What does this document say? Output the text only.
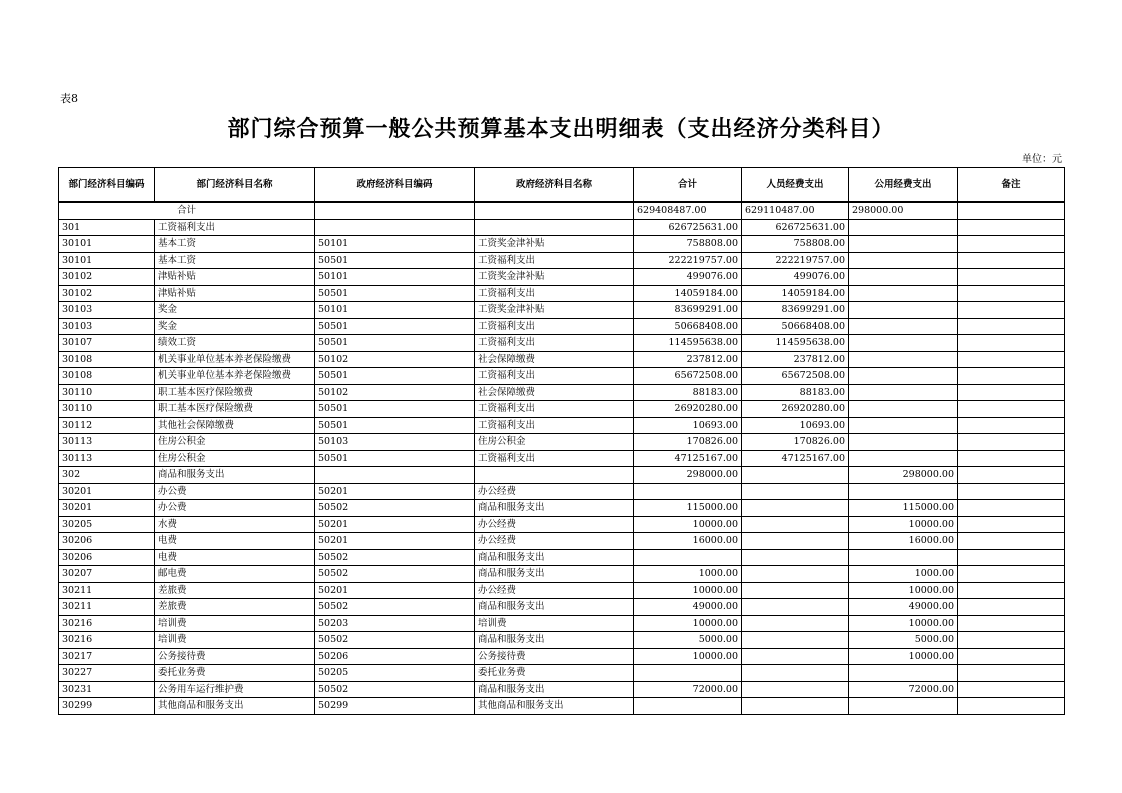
表8
部门综合预算一般公共预算基本支出明细表（支出经济分类科目）
单位：元
部门经济科目编码	部门经济科目名称	政府经济科目编码	政府经济科目名称	合计	人员经费支出	公用经费支出	备注
合计				629408487.00	629110487.00	298000.00	
301	工资福利支出			626725631.00	626725631.00		
30101	基本工资	50101	工资奖金津补贴	758808.00	758808.00		
30101	基本工资	50501	工资福利支出	222219757.00	222219757.00		
30102	津贴补贴	50101	工资奖金津补贴	499076.00	499076.00		
30102	津贴补贴	50501	工资福利支出	14059184.00	14059184.00		
30103	奖金	50101	工资奖金津补贴	83699291.00	83699291.00		
30103	奖金	50501	工资福利支出	50668408.00	50668408.00		
30107	绩效工资	50501	工资福利支出	114595638.00	114595638.00		
30108	机关事业单位基本养老保险缴费	50102	社会保障缴费	237812.00	237812.00		
30108	机关事业单位基本养老保险缴费	50501	工资福利支出	65672508.00	65672508.00		
30110	职工基本医疗保险缴费	50102	社会保障缴费	88183.00	88183.00		
30110	职工基本医疗保险缴费	50501	工资福利支出	26920280.00	26920280.00		
30112	其他社会保障缴费	50501	工资福利支出	10693.00	10693.00		
30113	住房公积金	50103	住房公积金	170826.00	170826.00		
30113	住房公积金	50501	工资福利支出	47125167.00	47125167.00		
302	商品和服务支出			298000.00		298000.00	
30201	办公费	50201	办公经费				
30201	办公费	50502	商品和服务支出	115000.00		115000.00	
30205	水费	50201	办公经费	10000.00		10000.00	
30206	电费	50201	办公经费	16000.00		16000.00	
30206	电费	50502	商品和服务支出				
30207	邮电费	50502	商品和服务支出	1000.00		1000.00	
30211	差旅费	50201	办公经费	10000.00		10000.00	
30211	差旅费	50502	商品和服务支出	49000.00		49000.00	
30216	培训费	50203	培训费	10000.00		10000.00	
30216	培训费	50502	商品和服务支出	5000.00		5000.00	
30217	公务接待费	50206	公务接待费	10000.00		10000.00	
30227	委托业务费	50205	委托业务费				
30231	公务用车运行维护费	50502	商品和服务支出	72000.00		72000.00	
30299	其他商品和服务支出	50299	其他商品和服务支出				
